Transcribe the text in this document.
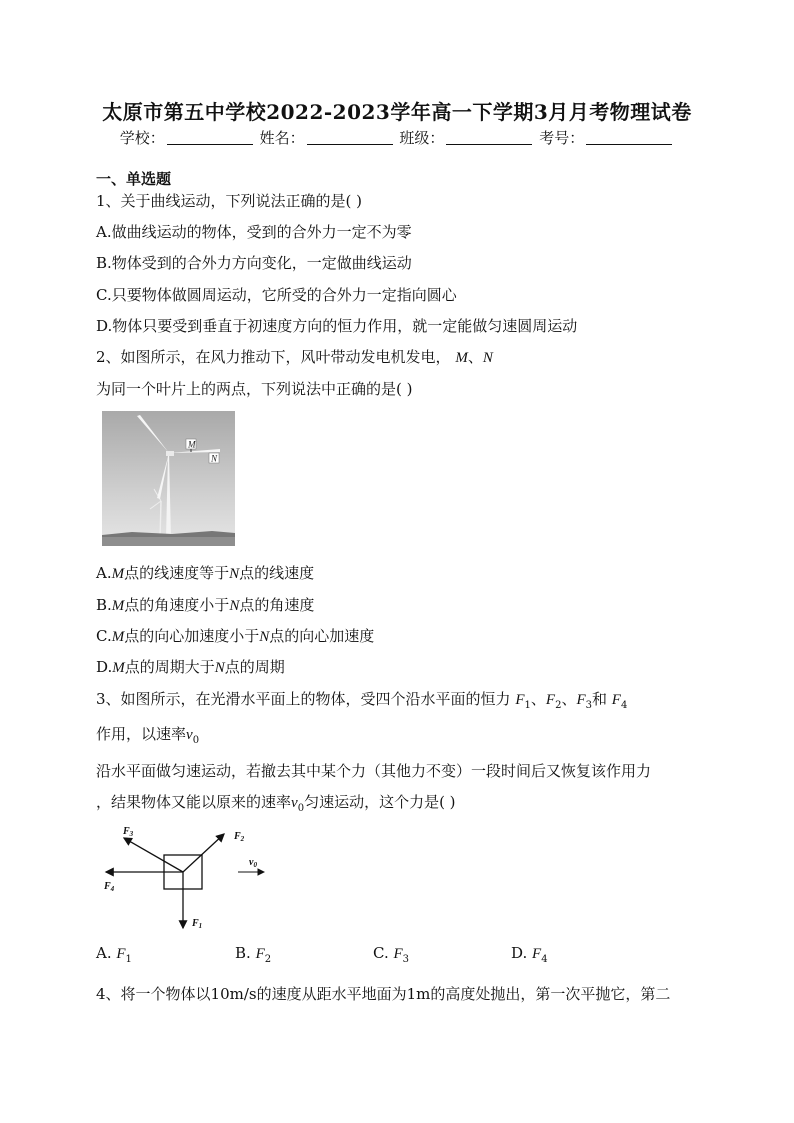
太原市第五中学校2022-2023学年高一下学期3月月考物理试卷
学校：	姓名：	班级：	考号：
一、单选题
1、关于曲线运动，下列说法正确的是( )
A.做曲线运动的物体，受到的合外力一定不为零
B.物体受到的合外力方向变化，一定做曲线运动
C.只要物体做圆周运动，它所受的合外力一定指向圆心
D.物体只要受到垂直于初速度方向的恒力作用，就一定能做匀速圆周运动
2、如图所示，在风力推动下，风叶带动发电机发电， M、N
为同一个叶片上的两点，下列说法中正确的是( )
M
N
A.M点的线速度等于N点的线速度
B.M点的角速度小于N点的角速度
C.M点的向心加速度小于N点的向心加速度
D.M点的周期大于N点的周期
3、如图所示，在光滑水平面上的物体，受四个沿水平面的恒力 $F_1$、$F_2$、$F_3$和 $F_4$
作用，以速率$v_0$
沿水平面做匀速运动，若撤去其中某个力（其他力不变）一段时间后又恢复该作用力
，结果物体又能以原来的速率$v_0$匀速运动，这个力是( )
$F_3$	$F_2$
$F_4$
$F_1$
$v_0$
A. $F_1$	B. $F_2$	C. $F_3$	D. $F_4$
4、将一个物体以10m/s的速度从距水平地面为1m的高度处抛出，第一次平抛它，第二
